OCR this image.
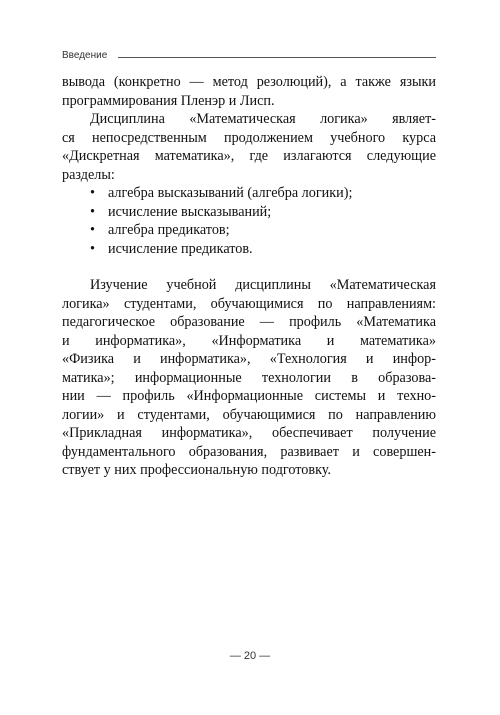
Введение
вывода (конкретно — метод резолюций), а также языки
программирования Пленэр и Лисп.
Дисциплина «Математическая логика» являет-
ся непосредственным продолжением учебного курса
«Дискретная математика», где излагаются следующие
разделы:
• алгебра высказываний (алгебра логики);
• исчисление высказываний;
• алгебра предикатов;
• исчисление предикатов.
Изучение учебной дисциплины «Математическая
логика» студентами, обучающимися по направлениям:
педагогическое образование — профиль «Математика
и информатика», «Информатика и математика»
«Физика и информатика», «Технология и инфор-
матика»; информационные технологии в образова-
нии — профиль «Информационные системы и техно-
логии» и студентами, обучающимися по направлению
«Прикладная информатика», обеспечивает получение
фундаментального образования, развивает и совершен-
ствует у них профессиональную подготовку.
— 20 —
